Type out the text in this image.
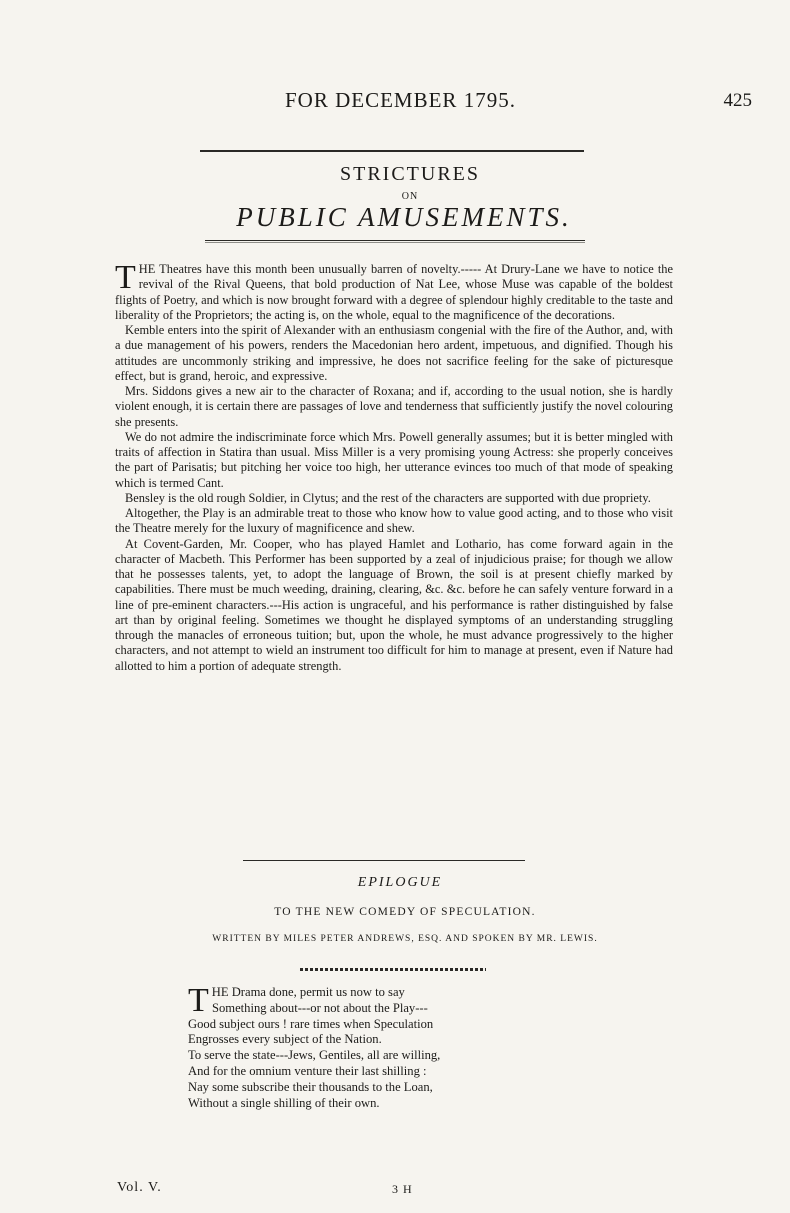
FOR DECEMBER 1795.	425
STRICTURES
ON
PUBLIC AMUSEMENTS.

THE Theatres have this month been unusually barren of novelty.----- At Drury-Lane we have to notice the revival of the Rival Queens, that bold production of Nat Lee, whose Muse was capable of the boldest flights of Poetry, and which is now brought forward with a degree of splendour highly creditable to the taste and liberality of the Proprietors; the acting is, on the whole, equal to the magnificence of the decorations.

Kemble enters into the spirit of Alexander with an enthusiasm congenial with the fire of the Author, and, with a due management of his powers, renders the Macedonian hero ardent, impetuous, and dignified. Though his attitudes are uncommonly striking and impressive, he does not sacrifice feeling for the sake of picturesque effect, but is grand, heroic, and expressive.

Mrs. Siddons gives a new air to the character of Roxana; and if, according to the usual notion, she is hardly violent enough, it is certain there are passages of love and tenderness that sufficiently justify the novel colouring she presents.

We do not admire the indiscriminate force which Mrs. Powell generally assumes; but it is better mingled with traits of affection in Statira than usual. Miss Miller is a very promising young Actress: she properly conceives the part of Parisatis; but pitching her voice too high, her utterance evinces too much of that mode of speaking which is termed Cant.

Bensley is the old rough Soldier, in Clytus; and the rest of the characters are supported with due propriety.

Altogether, the Play is an admirable treat to those who know how to value good acting, and to those who visit the Theatre merely for the luxury of magnificence and shew.

At Covent-Garden, Mr. Cooper, who has played Hamlet and Lothario, has come forward again in the character of Macbeth. This Performer has been supported by a zeal of injudicious praise; for though we allow that he possesses talents, yet, to adopt the language of Brown, the soil is at present chiefly marked by capabilities. There must be much weeding, draining, clearing, &c. &c. before he can safely venture forward in a line of pre-eminent characters.---His action is ungraceful, and his performance is rather distinguished by false art than by original feeling. Sometimes we thought he displayed symptoms of an understanding struggling through the manacles of erroneous tuition; but, upon the whole, he must advance progressively to the higher characters, and not attempt to wield an instrument too difficult for him to manage at present, even if Nature had allotted to him a portion of adequate strength.

EPILOGUE
TO THE NEW COMEDY OF SPECULATION.
WRITTEN BY MILES PETER ANDREWS, ESQ. AND SPOKEN BY MR. LEWIS.
THE Drama done, permit us now to say
Something about---or not about the Play---
Good subject ours ! rare times when Speculation
Engrosses every subject of the Nation.
To serve the state---Jews, Gentiles, all are willing,
And for the omnium venture their last shilling :
Nay some subscribe their thousands to the Loan,
Without a single shilling of their own.
Vol. V.	3 H
